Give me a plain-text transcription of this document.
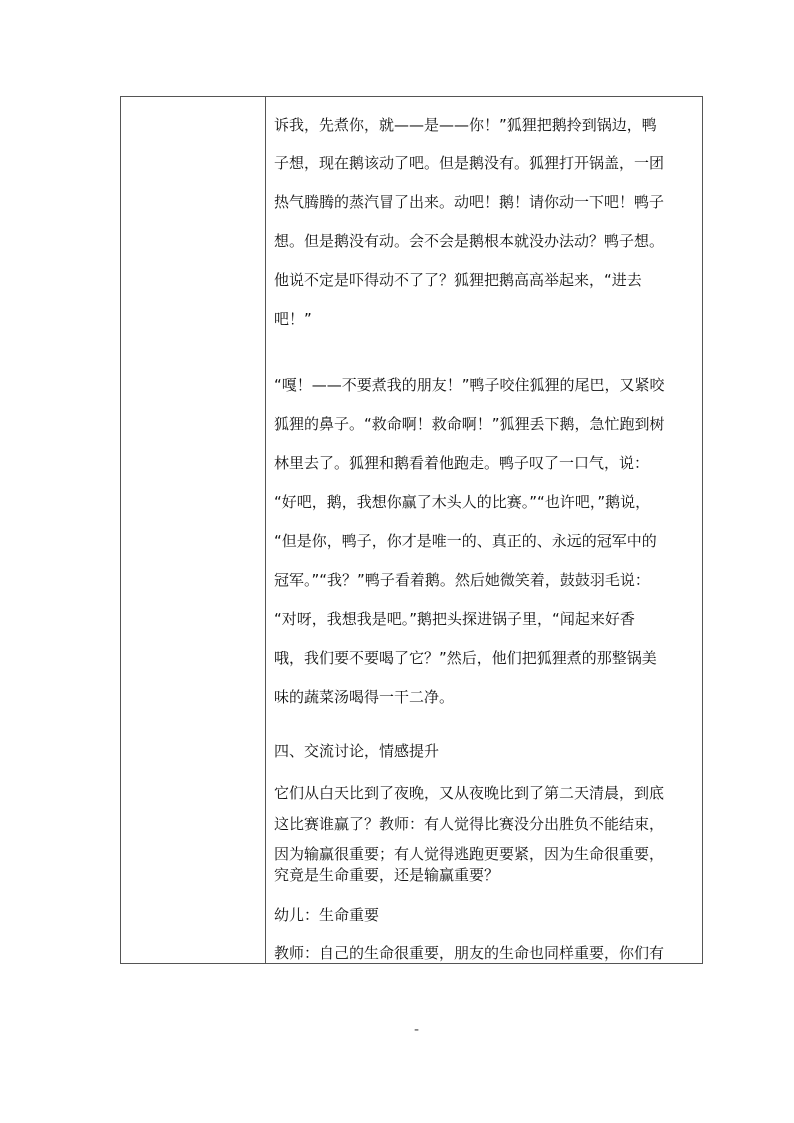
诉我，先煮你，就——是——你！”狐狸把鹅拎到锅边，鸭

子想，现在鹅该动了吧。但是鹅没有。狐狸打开锅盖，一团

热气腾腾的蒸汽冒了出来。动吧！鹅！请你动一下吧！鸭子

想。但是鹅没有动。会不会是鹅根本就没办法动？鸭子想。

他说不定是吓得动不了了？狐狸把鹅高高举起来，“进去

吧！”

“嘎！——不要煮我的朋友！”鸭子咬住狐狸的尾巴，又紧咬

狐狸的鼻子。“救命啊！救命啊！”狐狸丢下鹅，急忙跑到树

林里去了。狐狸和鹅看着他跑走。鸭子叹了一口气，说：

“好吧，鹅，我想你赢了木头人的比赛。”“也许吧，”鹅说，

“但是你，鸭子，你才是唯一的、真正的、永远的冠军中的

冠军。”“我？”鸭子看着鹅。然后她微笑着，鼓鼓羽毛说：

“对呀，我想我是吧。”鹅把头探进锅子里，“闻起来好香

哦，我们要不要喝了它？”然后，他们把狐狸煮的那整锅美

味的蔬菜汤喝得一干二净。

四、交流讨论，情感提升

它们从白天比到了夜晚，又从夜晚比到了第二天清晨，到底

这比赛谁赢了？教师：有人觉得比赛没分出胜负不能结束，

因为输赢很重要；有人觉得逃跑更要紧，因为生命很重要，

究竟是生命重要，还是输赢重要？

幼儿：生命重要

教师：自己的生命很重要，朋友的生命也同样重要，你们有

-
